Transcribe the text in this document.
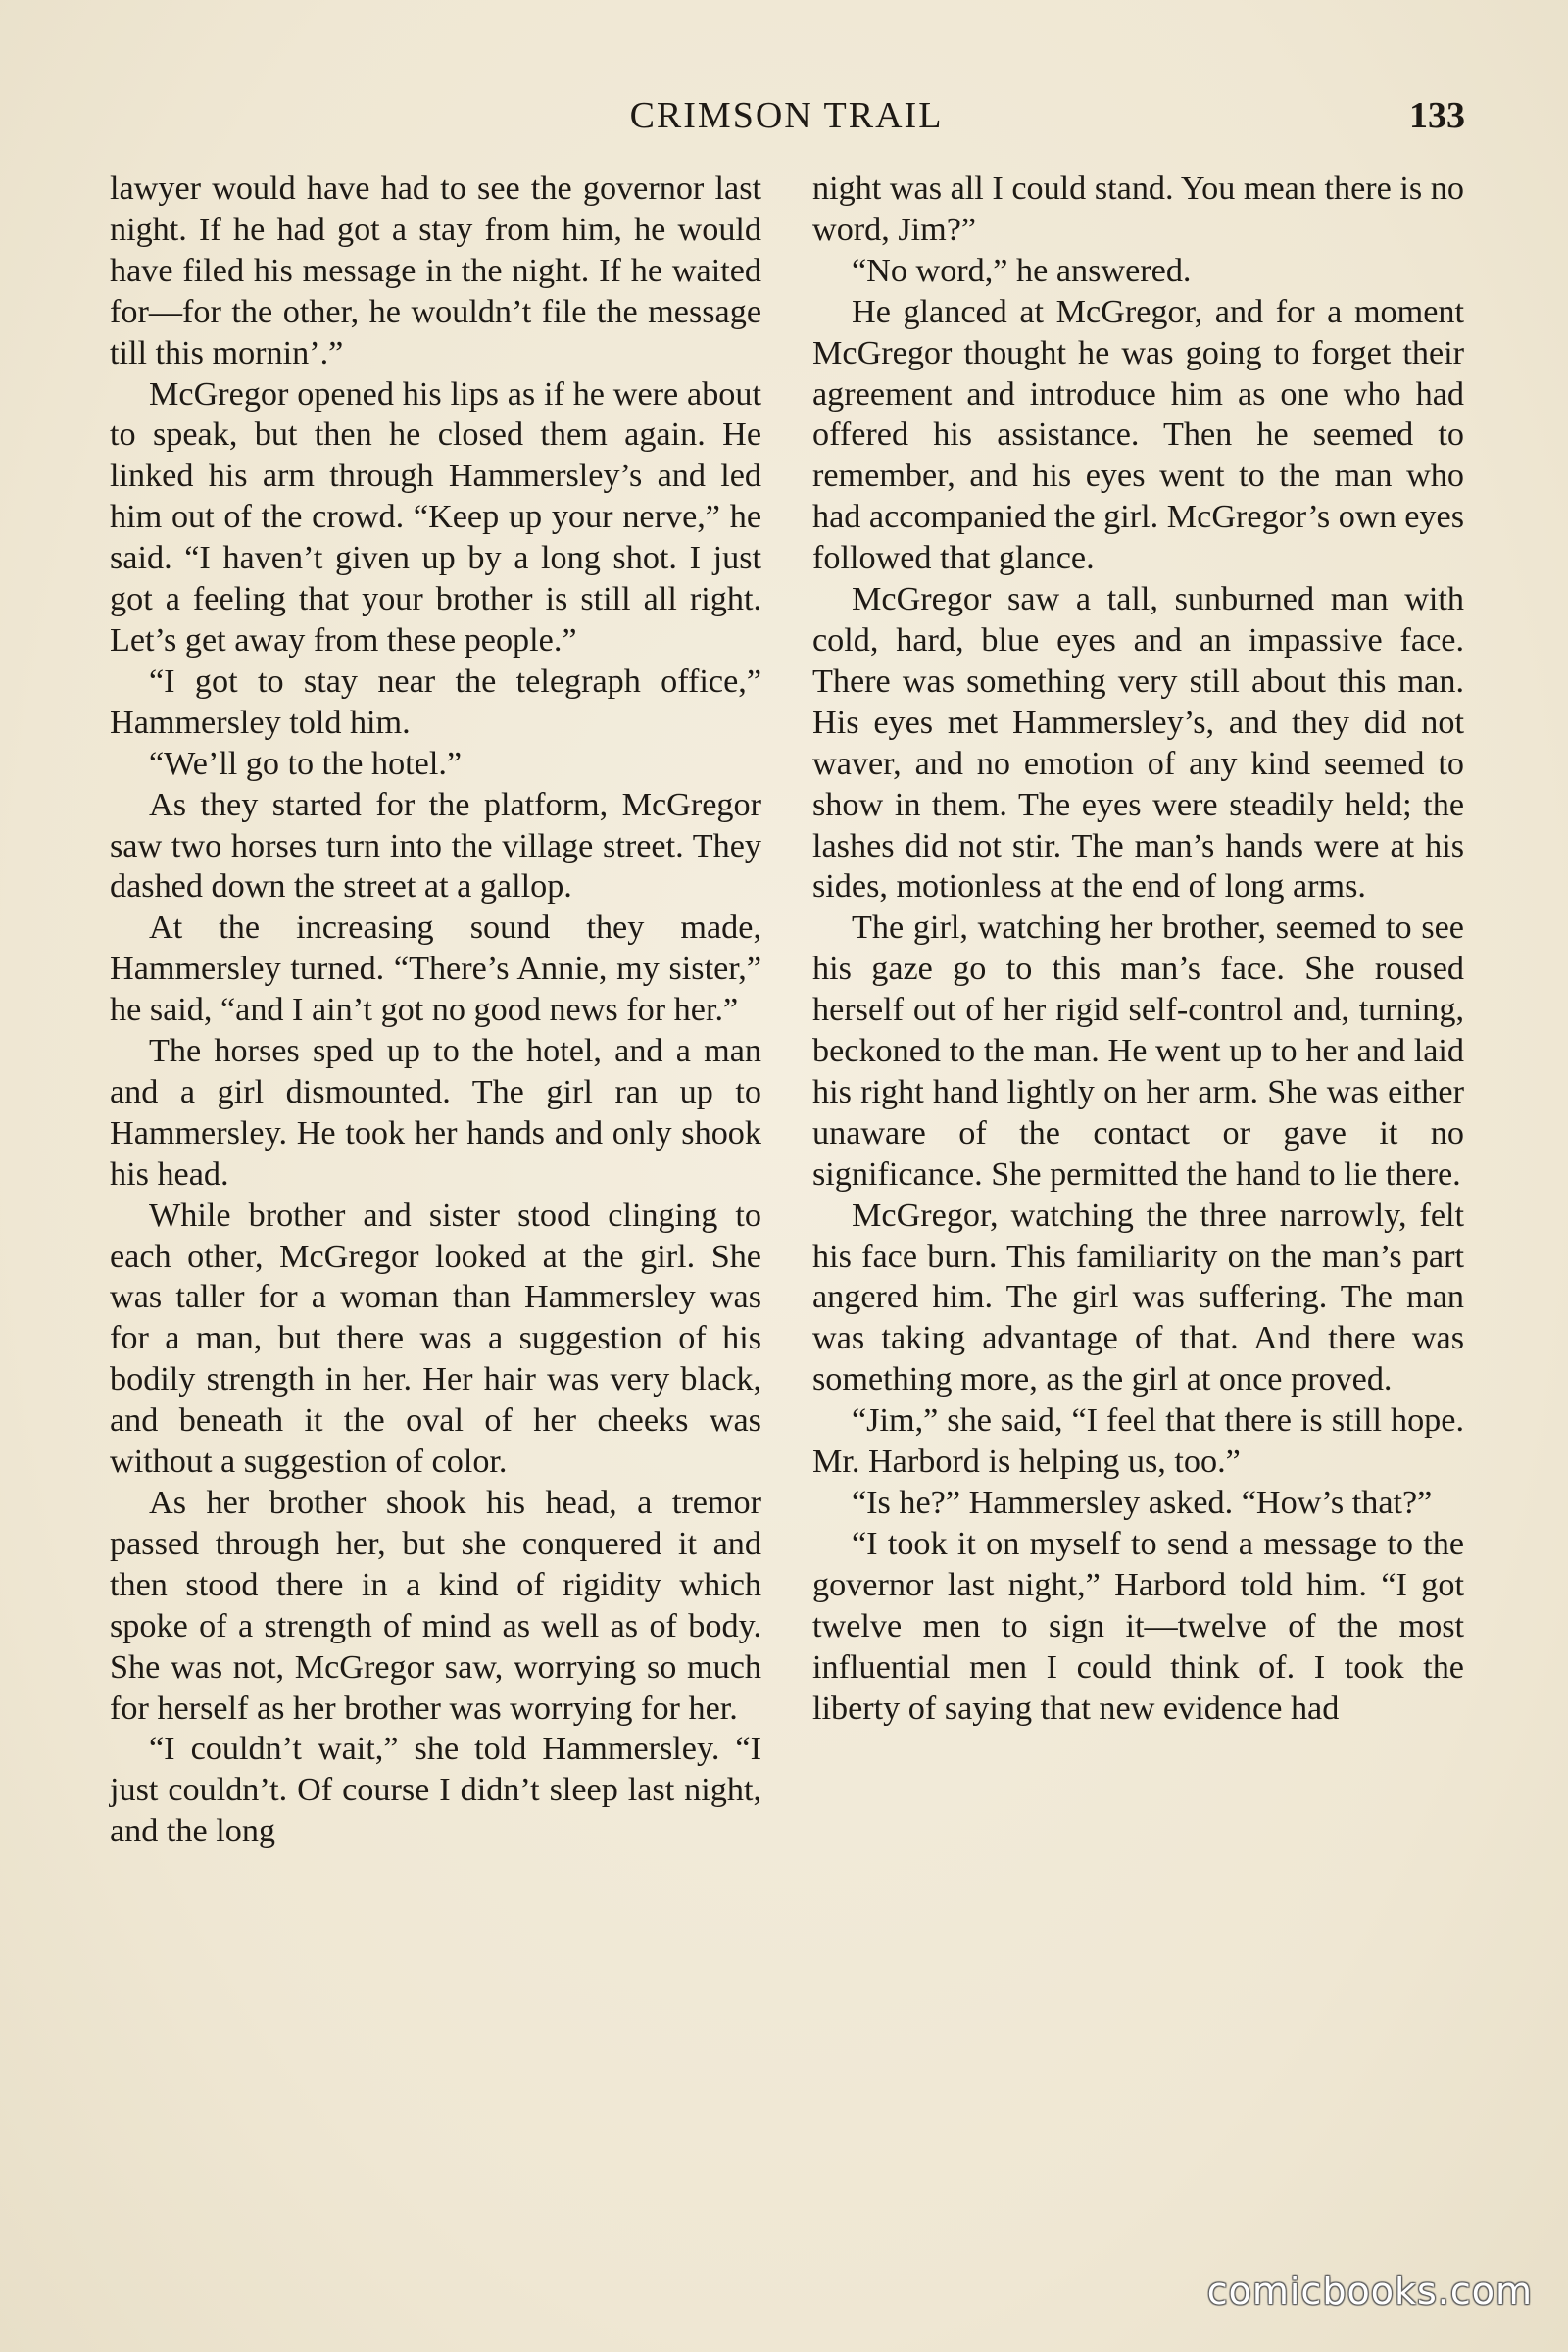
CRIMSON TRAIL	133

lawyer would have had to see the governor last night. If he had got a stay from him, he would have filed his message in the night. If he waited for—for the other, he wouldn’t file the message till this mornin’.”

McGregor opened his lips as if he were about to speak, but then he closed them again. He linked his arm through Hammersley’s and led him out of the crowd. “Keep up your nerve,” he said. “I haven’t given up by a long shot. I just got a feeling that your brother is still all right. Let’s get away from these people.”

“I got to stay near the telegraph office,” Hammersley told him.

“We’ll go to the hotel.”

As they started for the platform, McGregor saw two horses turn into the village street. They dashed down the street at a gallop.

At the increasing sound they made, Hammersley turned. “There’s Annie, my sister,” he said, “and I ain’t got no good news for her.”

The horses sped up to the hotel, and a man and a girl dismounted. The girl ran up to Hammersley. He took her hands and only shook his head.

While brother and sister stood clinging to each other, McGregor looked at the girl. She was taller for a woman than Hammersley was for a man, but there was a suggestion of his bodily strength in her. Her hair was very black, and beneath it the oval of her cheeks was without a suggestion of color.

As her brother shook his head, a tremor passed through her, but she conquered it and then stood there in a kind of rigidity which spoke of a strength of mind as well as of body. She was not, McGregor saw, worrying so much for herself as her brother was worrying for her.

“I couldn’t wait,” she told Hammersley. “I just couldn’t. Of course I didn’t sleep last night, and the long

night was all I could stand. You mean there is no word, Jim?”

“No word,” he answered.

He glanced at McGregor, and for a moment McGregor thought he was going to forget their agreement and introduce him as one who had offered his assistance. Then he seemed to remember, and his eyes went to the man who had accompanied the girl. McGregor’s own eyes followed that glance.

McGregor saw a tall, sunburned man with cold, hard, blue eyes and an impassive face. There was something very still about this man. His eyes met Hammersley’s, and they did not waver, and no emotion of any kind seemed to show in them. The eyes were steadily held; the lashes did not stir. The man’s hands were at his sides, motionless at the end of long arms.

The girl, watching her brother, seemed to see his gaze go to this man’s face. She roused herself out of her rigid self-control and, turning, beckoned to the man. He went up to her and laid his right hand lightly on her arm. She was either unaware of the contact or gave it no significance. She permitted the hand to lie there.

McGregor, watching the three narrowly, felt his face burn. This familiarity on the man’s part angered him. The girl was suffering. The man was taking advantage of that. And there was something more, as the girl at once proved.

“Jim,” she said, “I feel that there is still hope. Mr. Harbord is helping us, too.”

“Is he?” Hammersley asked. “How’s that?”

“I took it on myself to send a message to the governor last night,” Harbord told him. “I got twelve men to sign it—twelve of the most influential men I could think of. I took the liberty of saying that new evidence had

comicbooks.com
